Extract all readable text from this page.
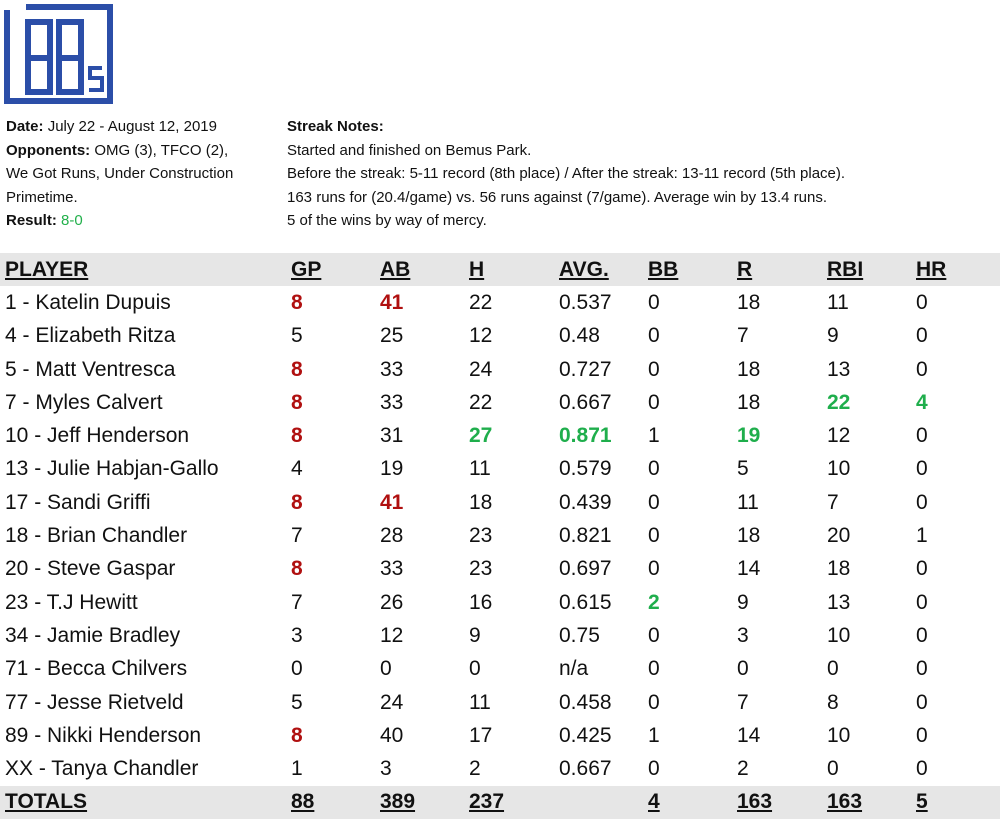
Date: July 22 - August 12, 2019
Opponents: OMG (3), TFCO (2),
We Got Runs, Under Construction
Primetime.
Result: 8-0
Streak Notes:
Started and finished on Bemus Park.
Before the streak: 5-11 record (8th place) / After the streak: 13-11 record (5th place).
163 runs for (20.4/game) vs. 56 runs against (7/game). Average win by 13.4 runs.
5 of the wins by way of mercy.
PLAYER	GP	AB	H	AVG.	BB	R	RBI	HR
1 - Katelin Dupuis	8	41	22	0.537	0	18	11	0
4 - Elizabeth Ritza	5	25	12	0.48	0	7	9	0
5 - Matt Ventresca	8	33	24	0.727	0	18	13	0
7 - Myles Calvert	8	33	22	0.667	0	18	22	4
10 - Jeff Henderson	8	31	27	0.871	1	19	12	0
13 - Julie Habjan-Gallo	4	19	11	0.579	0	5	10	0
17 - Sandi Griffi	8	41	18	0.439	0	11	7	0
18 - Brian Chandler	7	28	23	0.821	0	18	20	1
20 - Steve Gaspar	8	33	23	0.697	0	14	18	0
23 - T.J Hewitt	7	26	16	0.615	2	9	13	0
34 - Jamie Bradley	3	12	9	0.75	0	3	10	0
71 - Becca Chilvers	0	0	0	n/a	0	0	0	0
77 - Jesse Rietveld	5	24	11	0.458	0	7	8	0
89 - Nikki Henderson	8	40	17	0.425	1	14	10	0
XX - Tanya Chandler	1	3	2	0.667	0	2	0	0
TOTALS	88	389	237		4	163	163	5
